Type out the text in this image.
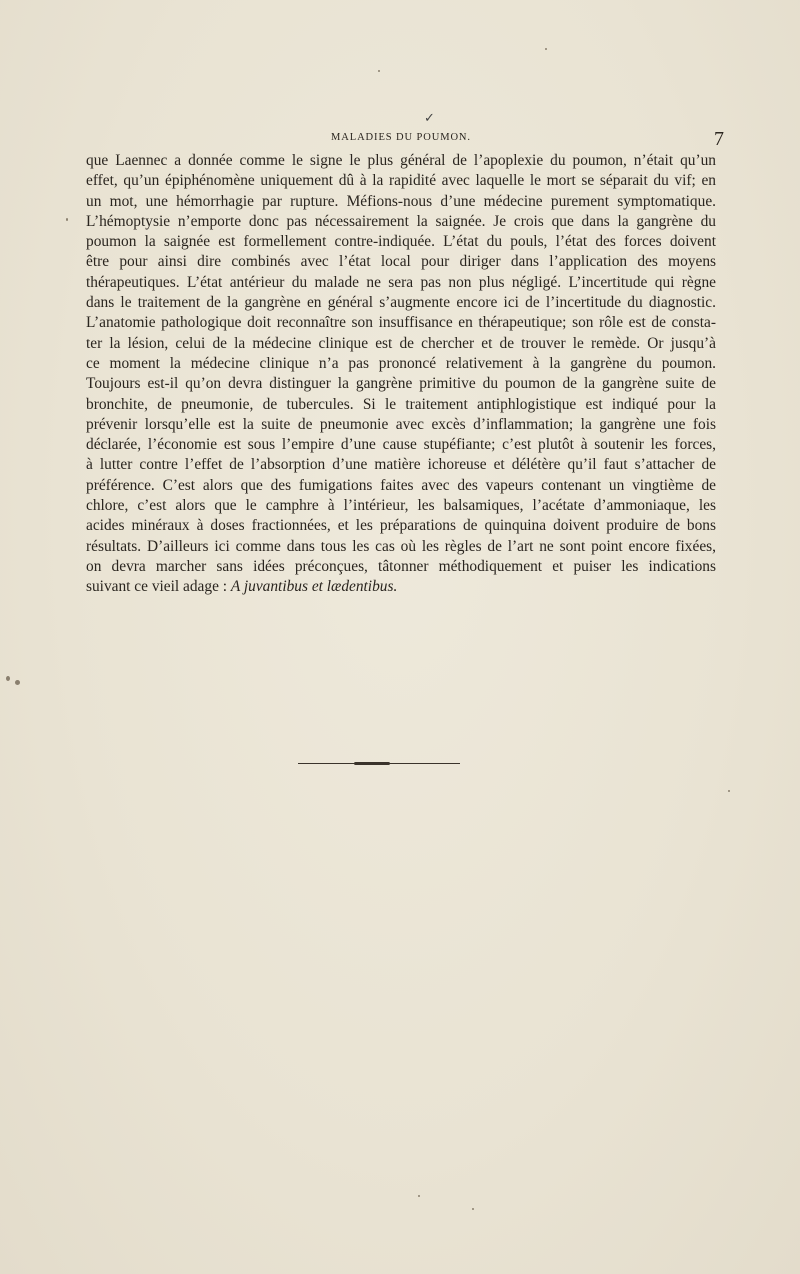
✓
MALADIES DU POUMON.	7
que Laennec a donnée comme le signe le plus général de l’apoplexie du poumon, n’était qu’un
effet, qu’un épiphénomène uniquement dû à la rapidité avec laquelle le mort se séparait du vif; en
un mot, une hémorrhagie par rupture. Méfions-nous d’une médecine purement symptomatique.
L’hémoptysie n’emporte donc pas nécessairement la saignée. Je crois que dans la gangrène du
poumon la saignée est formellement contre-indiquée. L’état du pouls, l’état des forces doivent
être pour ainsi dire combinés avec l’état local pour diriger dans l’application des moyens
thérapeutiques. L’état antérieur du malade ne sera pas non plus négligé. L’incertitude qui règne
dans le traitement de la gangrène en général s’augmente encore ici de l’incertitude du diagnostic.
L’anatomie pathologique doit reconnaître son insuffisance en thérapeutique; son rôle est de consta-
ter la lésion, celui de la médecine clinique est de chercher et de trouver le remède. Or jusqu’à
ce moment la médecine clinique n’a pas prononcé relativement à la gangrène du poumon.
Toujours est-il qu’on devra distinguer la gangrène primitive du poumon de la gangrène suite de
bronchite, de pneumonie, de tubercules. Si le traitement antiphlogistique est indiqué pour la
prévenir lorsqu’elle est la suite de pneumonie avec excès d’inflammation; la gangrène une fois
déclarée, l’économie est sous l’empire d’une cause stupéfiante; c’est plutôt à soutenir les forces,
à lutter contre l’effet de l’absorption d’une matière ichoreuse et délétère qu’il faut s’attacher de
préférence. C’est alors que des fumigations faites avec des vapeurs contenant un vingtième de
chlore, c’est alors que le camphre à l’intérieur, les balsamiques, l’acétate d’ammoniaque, les
acides minéraux à doses fractionnées, et les préparations de quinquina doivent produire de bons
résultats. D’ailleurs ici comme dans tous les cas où les règles de l’art ne sont point encore fixées,
on devra marcher sans idées préconçues, tâtonner méthodiquement et puiser les indications
suivant ce vieil adage : A juvantibus et lædentibus.
